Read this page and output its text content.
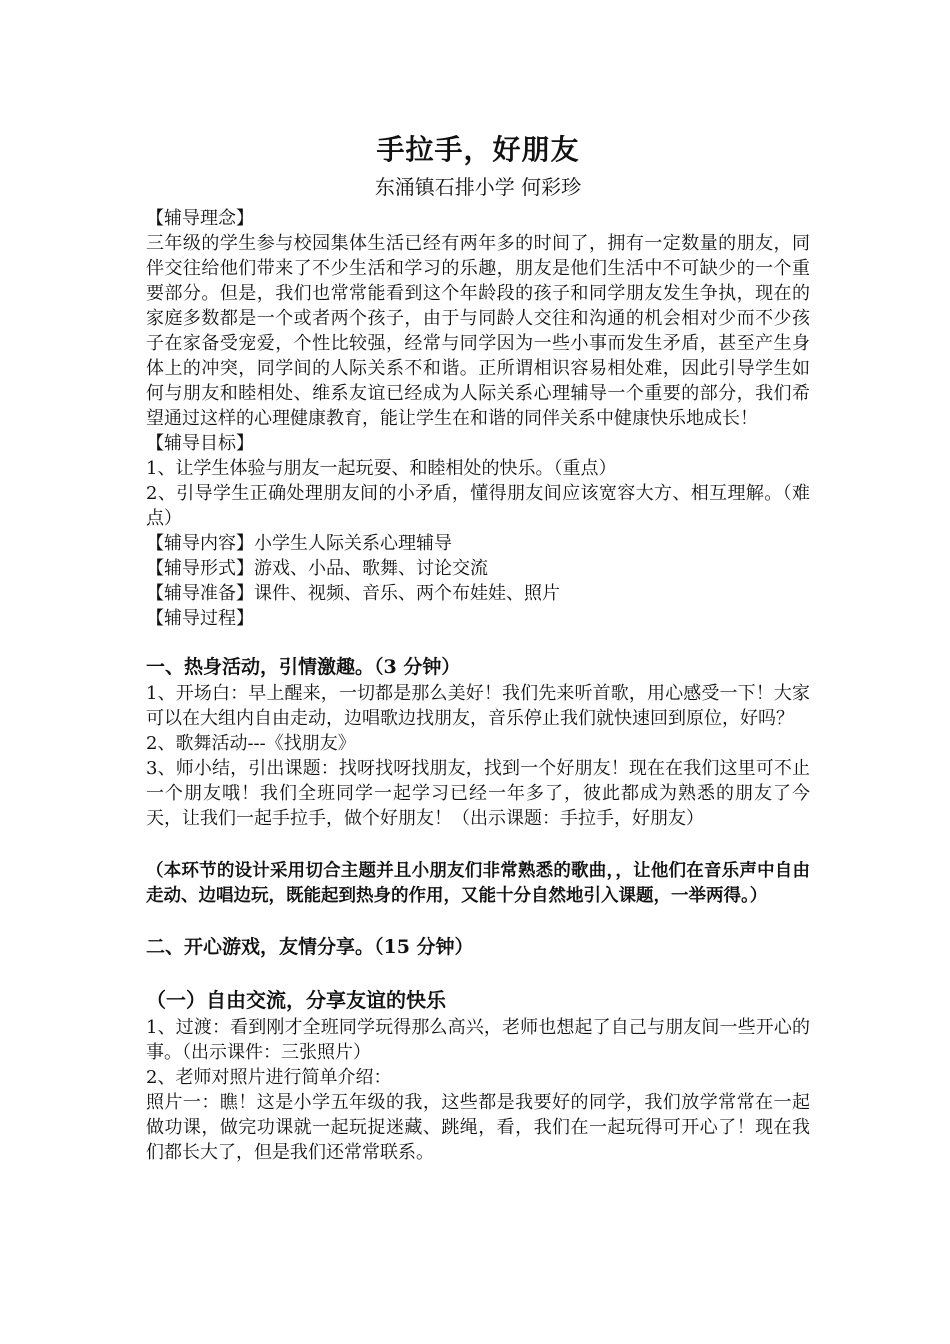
手拉手，好朋友
东涌镇石排小学 何彩珍

【辅导理念】

三年级的学生参与校园集体生活已经有两年多的时间了，拥有一定数量的朋友，同伴交往给他们带来了不少生活和学习的乐趣，朋友是他们生活中不可缺少的一个重要部分。但是，我们也常常能看到这个年龄段的孩子和同学朋友发生争执，现在的家庭多数都是一个或者两个孩子，由于与同龄人交往和沟通的机会相对少而不少孩子在家备受宠爱，个性比较强，经常与同学因为一些小事而发生矛盾，甚至产生身体上的冲突，同学间的人际关系不和谐。正所谓相识容易相处难，因此引导学生如何与朋友和睦相处、维系友谊已经成为人际关系心理辅导一个重要的部分，我们希望通过这样的心理健康教育，能让学生在和谐的同伴关系中健康快乐地成长！

【辅导目标】

1、让学生体验与朋友一起玩耍、和睦相处的快乐。（重点）

2、引导学生正确处理朋友间的小矛盾，懂得朋友间应该宽容大方、相互理解。（难点）

【辅导内容】小学生人际关系心理辅导

【辅导形式】游戏、小品、歌舞、讨论交流

【辅导准备】课件、视频、音乐、两个布娃娃、照片

【辅导过程】

一、热身活动，引情激趣。（3 分钟）

1、开场白：早上醒来，一切都是那么美好！我们先来听首歌，用心感受一下！大家可以在大组内自由走动，边唱歌边找朋友，音乐停止我们就快速回到原位，好吗？

2、歌舞活动---《找朋友》

3、师小结，引出课题：找呀找呀找朋友，找到一个好朋友！现在在我们这里可不止一个朋友哦！我们全班同学一起学习已经一年多了，彼此都成为熟悉的朋友了今天，让我们一起手拉手，做个好朋友！（出示课题：手拉手，好朋友）

（本环节的设计采用切合主题并且小朋友们非常熟悉的歌曲，，让他们在音乐声中自由走动、边唱边玩，既能起到热身的作用，又能十分自然地引入课题，一举两得。）

二、开心游戏，友情分享。（15 分钟）
（一）自由交流，分享友谊的快乐

1、过渡：看到刚才全班同学玩得那么高兴，老师也想起了自己与朋友间一些开心的事。（出示课件：三张照片）

2、老师对照片进行简单介绍：

照片一：瞧！这是小学五年级的我，这些都是我要好的同学，我们放学常常在一起做功课，做完功课就一起玩捉迷藏、跳绳，看，我们在一起玩得可开心了！现在我们都长大了，但是我们还常常联系。
